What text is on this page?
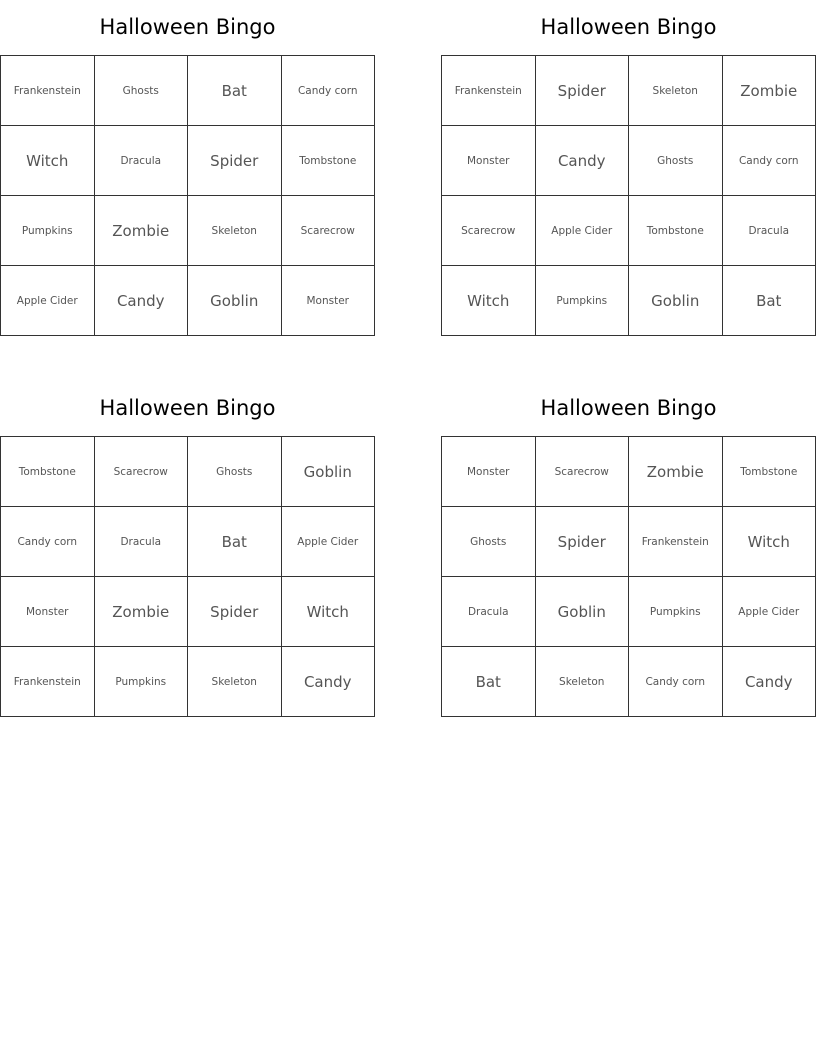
Halloween Bingo
Frankenstein	Ghosts	Bat	Candy corn
Witch	Dracula	Spider	Tombstone
Pumpkins	Zombie	Skeleton	Scarecrow
Apple Cider	Candy	Goblin	Monster
Halloween Bingo
Frankenstein	Spider	Skeleton	Zombie
Monster	Candy	Ghosts	Candy corn
Scarecrow	Apple Cider	Tombstone	Dracula
Witch	Pumpkins	Goblin	Bat
Halloween Bingo
Tombstone	Scarecrow	Ghosts	Goblin
Candy corn	Dracula	Bat	Apple Cider
Monster	Zombie	Spider	Witch
Frankenstein	Pumpkins	Skeleton	Candy
Halloween Bingo
Monster	Scarecrow	Zombie	Tombstone
Ghosts	Spider	Frankenstein	Witch
Dracula	Goblin	Pumpkins	Apple Cider
Bat	Skeleton	Candy corn	Candy
